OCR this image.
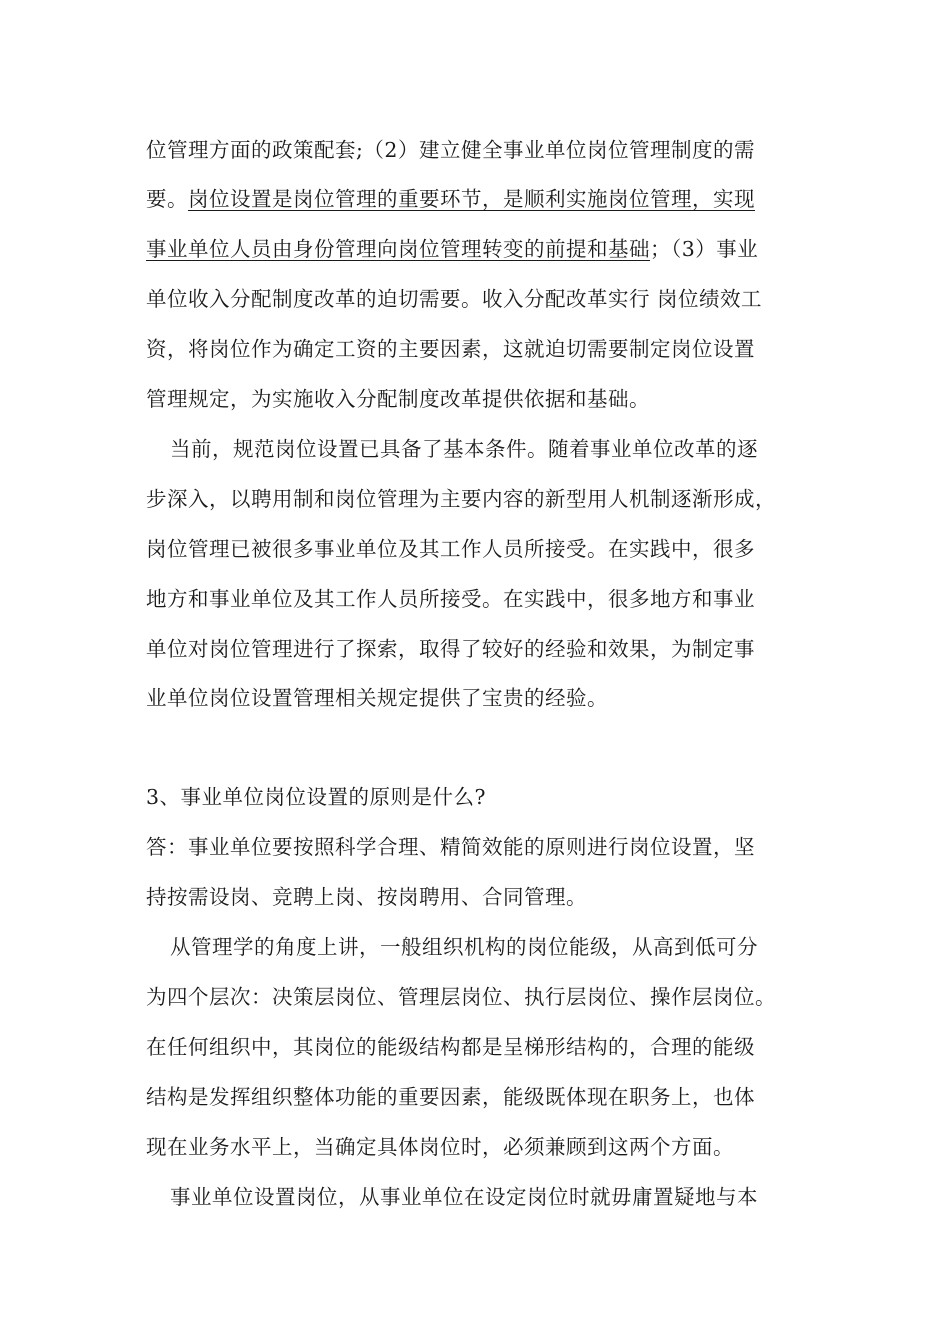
位管理方面的政策配套;（2）建立健全事业单位岗位管理制度的需
要。岗位设置是岗位管理的重要环节，是顺利实施岗位管理，实现
事业单位人员由身份管理向岗位管理转变的前提和基础；（3）事业
单位收入分配制度改革的迫切需要。收入分配改革实行 岗位绩效工
资，将岗位作为确定工资的主要因素，这就迫切需要制定岗位设置
管理规定，为实施收入分配制度改革提供依据和基础。
当前，规范岗位设置已具备了基本条件。随着事业单位改革的逐
步深入，以聘用制和岗位管理为主要内容的新型用人机制逐渐形成，
岗位管理已被很多事业单位及其工作人员所接受。在实践中，很多
地方和事业单位及其工作人员所接受。在实践中，很多地方和事业
单位对岗位管理进行了探索，取得了较好的经验和效果，为制定事
业单位岗位设置管理相关规定提供了宝贵的经验。
3、事业单位岗位设置的原则是什么?
答：事业单位要按照科学合理、精简效能的原则进行岗位设置，坚
持按需设岗、竞聘上岗、按岗聘用、合同管理。
从管理学的角度上讲，一般组织机构的岗位能级，从高到低可分
为四个层次：决策层岗位、管理层岗位、执行层岗位、操作层岗位。
在任何组织中，其岗位的能级结构都是呈梯形结构的，合理的能级
结构是发挥组织整体功能的重要因素，能级既体现在职务上，也体
现在业务水平上，当确定具体岗位时，必须兼顾到这两个方面。
事业单位设置岗位，从事业单位在设定岗位时就毋庸置疑地与本
